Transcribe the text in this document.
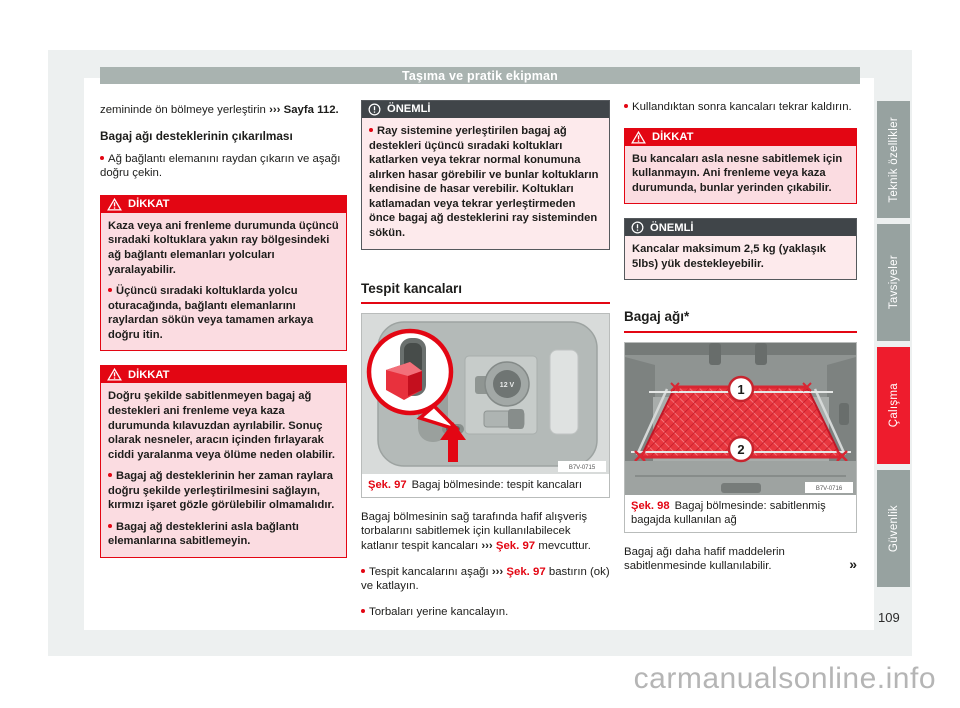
Taşıma ve pratik ekipman

zemininde ön bölmeye yerleştirin ››› Sayfa 112.

Bagaj ağı desteklerinin çıkarılması

Ağ bağlantı elemanını raydan çıkarın ve aşağı doğru çekin.

DİKKAT

Kaza veya ani frenleme durumunda üçüncü sıradaki koltuklara yakın ray bölgesindeki ağ bağlantı elemanları yolcuları yaralayabilir.

Üçüncü sıradaki koltuklarda yolcu oturacağında, bağlantı elemanlarını raylardan sökün veya tamamen arkaya doğru itin.

DİKKAT

Doğru şekilde sabitlenmeyen bagaj ağ destekleri ani frenleme veya kaza durumunda kılavuzdan ayrılabilir. Sonuç olarak nesneler, aracın içinden fırlayarak ciddi yaralanma veya ölüme neden olabilir.

Bagaj ağ desteklerinin her zaman raylara doğru şekilde yerleştirilmesini sağlayın, kırmızı işaret gözle görülebilir olmamalıdır.

Bagaj ağ desteklerini asla bağlantı elemanlarına sabitlemeyin.

ÖNEMLİ

Ray sistemine yerleştirilen bagaj ağ destekleri üçüncü sıradaki koltukları katlarken veya tekrar normal konumuna alırken hasar görebilir ve bunlar koltukların kendisine de hasar verebilir. Koltukları katlamadan veya tekrar yerleştirmeden önce bagaj ağ desteklerini ray sisteminden sökün.

Tespit kancaları
12 V
B7V-0715
Şek. 97 Bagaj bölmesinde: tespit kancaları

Bagaj bölmesinin sağ tarafında hafif alışveriş torbalarını sabitlemek için kullanılabilecek katlanır tespit kancaları ››› Şek. 97 mevcuttur.

Tespit kancalarını aşağı ››› Şek. 97 bastırın (ok) ve katlayın.

Torbaları yerine kancalayın.

Kullandıktan sonra kancaları tekrar kaldırın.

DİKKAT

Bu kancaları asla nesne sabitlemek için kullanmayın. Ani frenleme veya kaza durumunda, bunlar yerinden çıkabilir.

ÖNEMLİ

Kancalar maksimum 2,5 kg (yaklaşık 5lbs) yük destekleyebilir.

Bagaj ağı*
1
2
B7V-0716
Şek. 98 Bagaj bölmesinde: sabitlenmiş bagajda kullanılan ağ

Bagaj ağı daha hafif maddelerin sabitlenmesinde kullanılabilir.	»
Teknik özellikler
Tavsiyeler
Çalışma
Güvenlik
109
carmanualsonline.info
